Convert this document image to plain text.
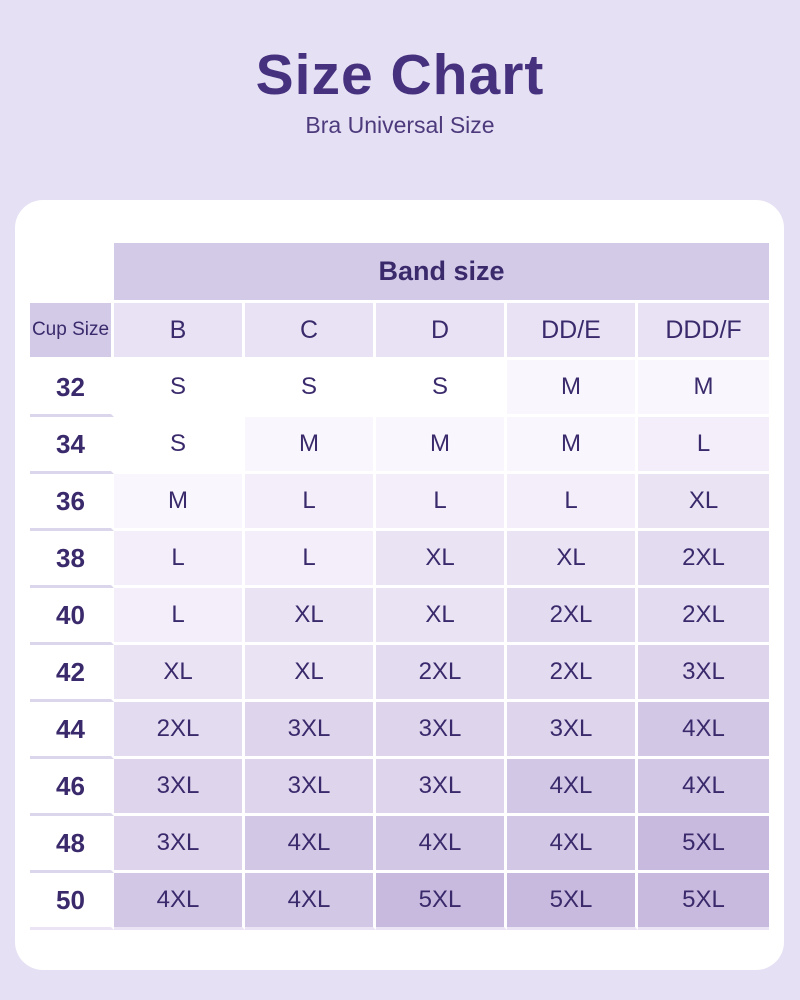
Size Chart

Bra Universal Size

	Band size				
Cup Size	B	C	D	DD/E	DDD/F
32	S	S	S	M	M
34	S	M	M	M	L
36	M	L	L	L	XL
38	L	L	XL	XL	2XL
40	L	XL	XL	2XL	2XL
42	XL	XL	2XL	2XL	3XL
44	2XL	3XL	3XL	3XL	4XL
46	3XL	3XL	3XL	4XL	4XL
48	3XL	4XL	4XL	4XL	5XL
50	4XL	4XL	5XL	5XL	5XL
